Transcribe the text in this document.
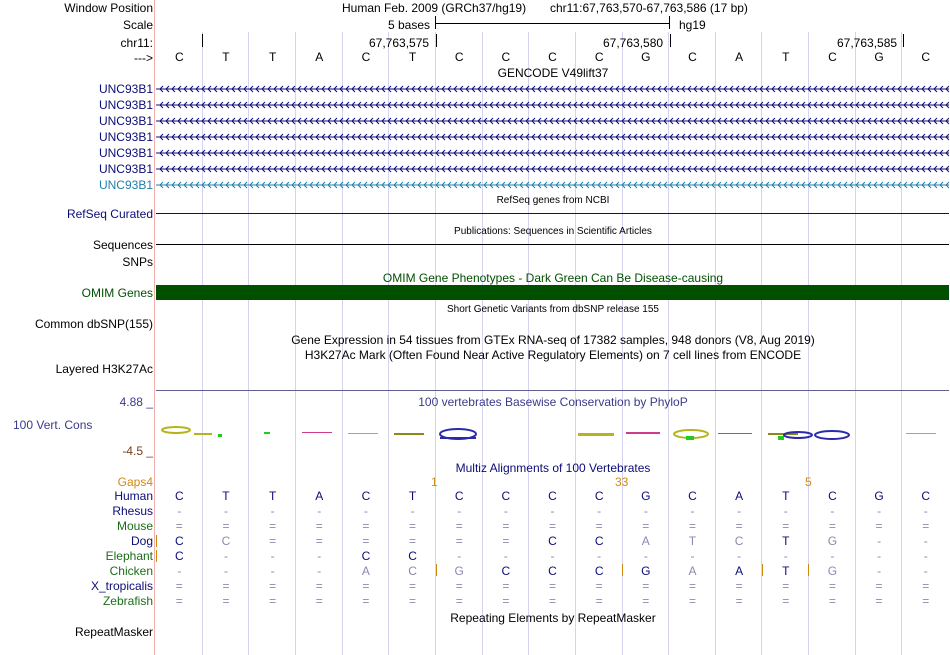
Window Position	Human Feb. 2009 (GRCh37/hg19) chr11:67,763,570-67,763,586 (17 bp)
Scale	5 bases	hg19
chr11:	67,763,575	67,763,580	67,763,585
--->	C	T	T	A	C	T	C	C	C	C	G	C	A	T	C	G	C
GENCODE V49lift37
UNC93B1
UNC93B1
UNC93B1
UNC93B1
UNC93B1
UNC93B1
UNC93B1
RefSeq genes from NCBI
RefSeq Curated
Publications: Sequences in Scientific Articles
Sequences
SNPs
OMIM Gene Phenotypes - Dark Green Can Be Disease-causing
OMIM Genes
Short Genetic Variants from dbSNP release 155
Common dbSNP(155)
Gene Expression in 54 tissues from GTEx RNA-seq of 17382 samples, 948 donors (V8, Aug 2019)
H3K27Ac Mark (Often Found Near Active Regulatory Elements) on 7 cell lines from ENCODE
Layered H3K27Ac
4.88 _	100 vertebrates Basewise Conservation by PhyloP
100 Vert. Cons
-4.5 _
Multiz Alignments of 100 Vertebrates
Gaps4	1	33	5
Human	C	T	T	A	C	T	C	C	C	C	G	C	A	T	C	G	C
Rhesus	-	-	-	-	-	-	-	-	-	-	-	-	-	-	-	-	-
Mouse	=	=	=	=	=	=	=	=	=	=	=	=	=	=	=	=	=
Dog	C	C	=	=	=	=	=	=	C	C	A	T	C	T	G	-	-
Elephant	C	-	-	-	C	C	-	-	-	-	-	-	-	-	-	-	-
Chicken	-	-	-	-	A	C	G	C	C	C	G	A	A	T	G	-	-
X_tropicalis	=	=	=	=	=	=	=	=	=	=	=	=	=	=	=	=	=
Zebrafish	=	=	=	=	=	=	=	=	=	=	=	=	=	=	=	=	=
Repeating Elements by RepeatMasker
RepeatMasker
